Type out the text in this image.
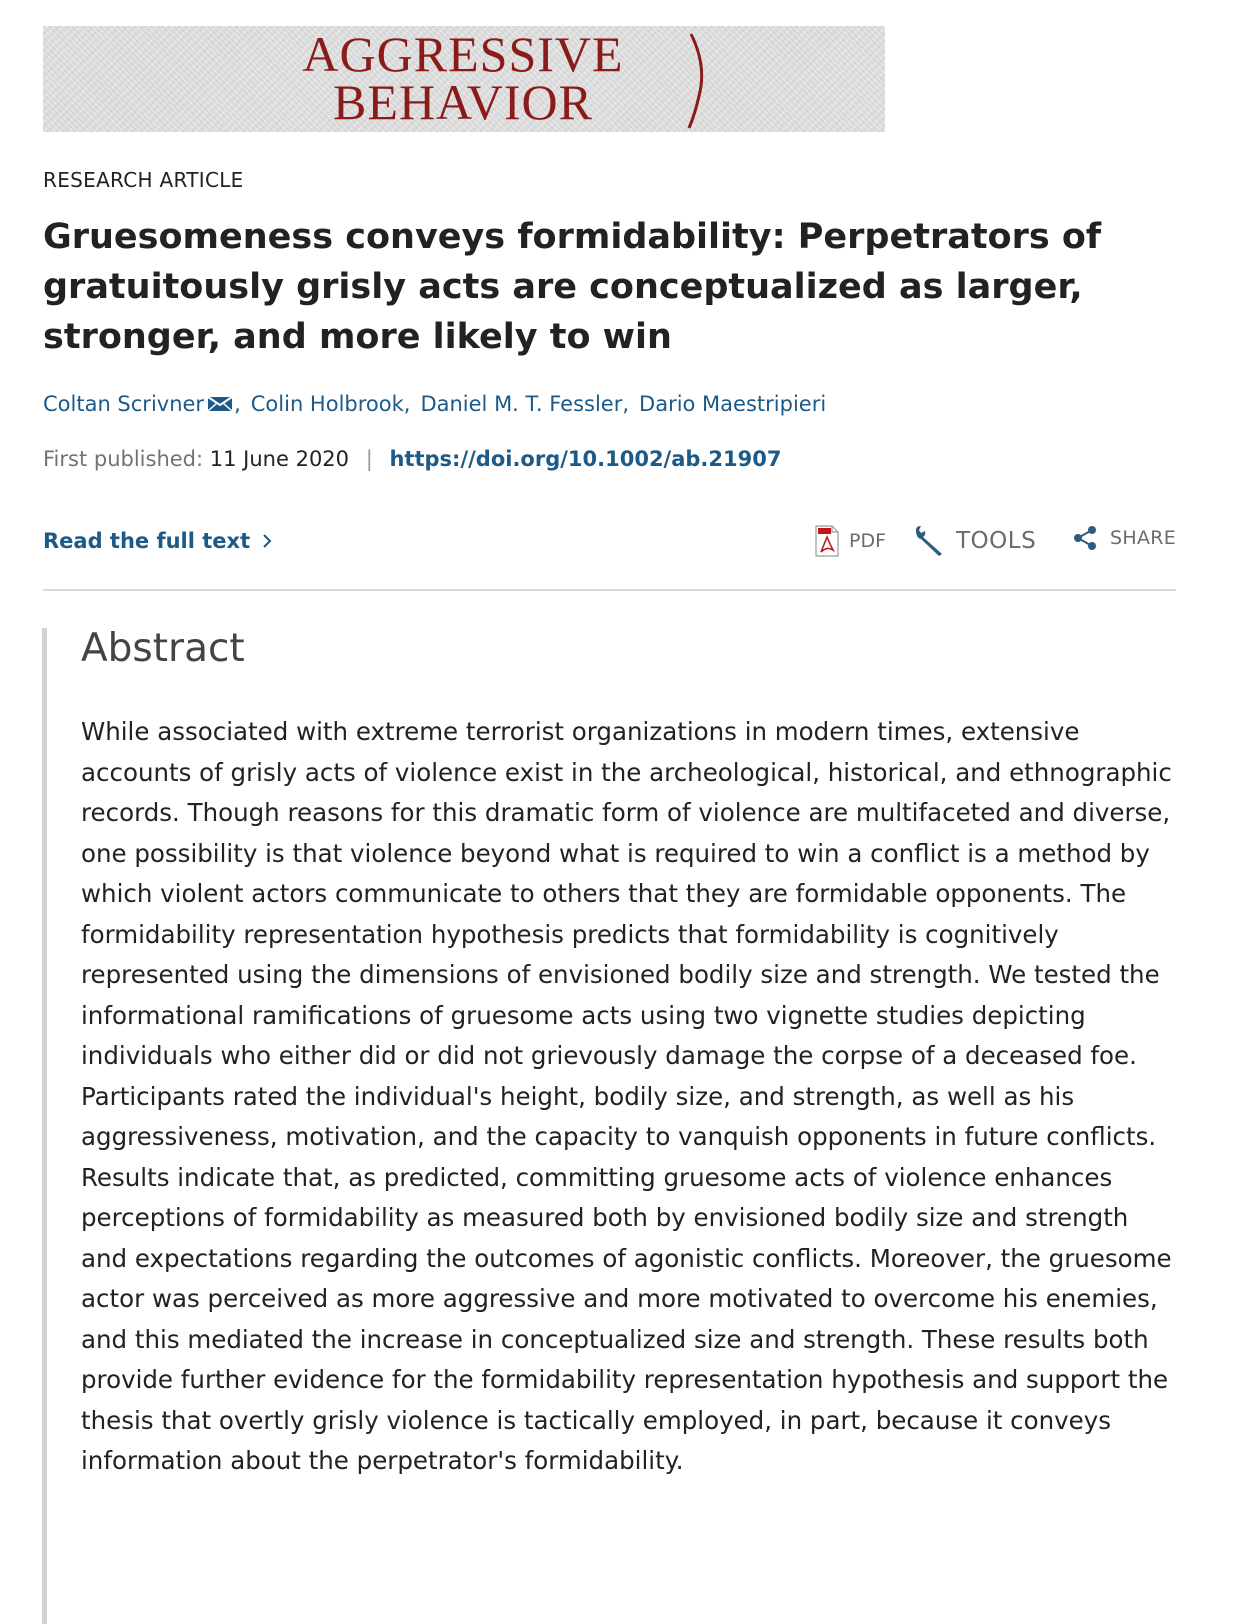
AGGRESSIVE
BEHAVIOR
RESEARCH ARTICLE
Gruesomeness conveys formidability: Perpetrators of gratuitously grisly acts are conceptualized as larger, stronger, and more likely to win
Coltan Scrivner , Colin Holbrook , Daniel M. T. Fessler , Dario Maestripieri
First published: 11 June 2020 | https://doi.org/10.1002/ab.21907
Read the full text	PDF	TOOLS	SHARE
Abstract

While associated with extreme terrorist organizations in modern times, extensive accounts of grisly acts of violence exist in the archeological, historical, and ethnographic records. Though reasons for this dramatic form of violence are multifaceted and diverse, one possibility is that violence beyond what is required to win a conflict is a method by which violent actors communicate to others that they are formidable opponents. The formidability representation hypothesis predicts that formidability is cognitively represented using the dimensions of envisioned bodily size and strength. We tested the informational ramifications of gruesome acts using two vignette studies depicting individuals who either did or did not grievously damage the corpse of a deceased foe. Participants rated the individual's height, bodily size, and strength, as well as his aggressiveness, motivation, and the capacity to vanquish opponents in future conflicts. Results indicate that, as predicted, committing gruesome acts of violence enhances perceptions of formidability as measured both by envisioned bodily size and strength and expectations regarding the outcomes of agonistic conflicts. Moreover, the gruesome actor was perceived as more aggressive and more motivated to overcome his enemies, and this mediated the increase in conceptualized size and strength. These results both provide further evidence for the formidability representation hypothesis and support the thesis that overtly grisly violence is tactically employed, in part, because it conveys information about the perpetrator's formidability.
